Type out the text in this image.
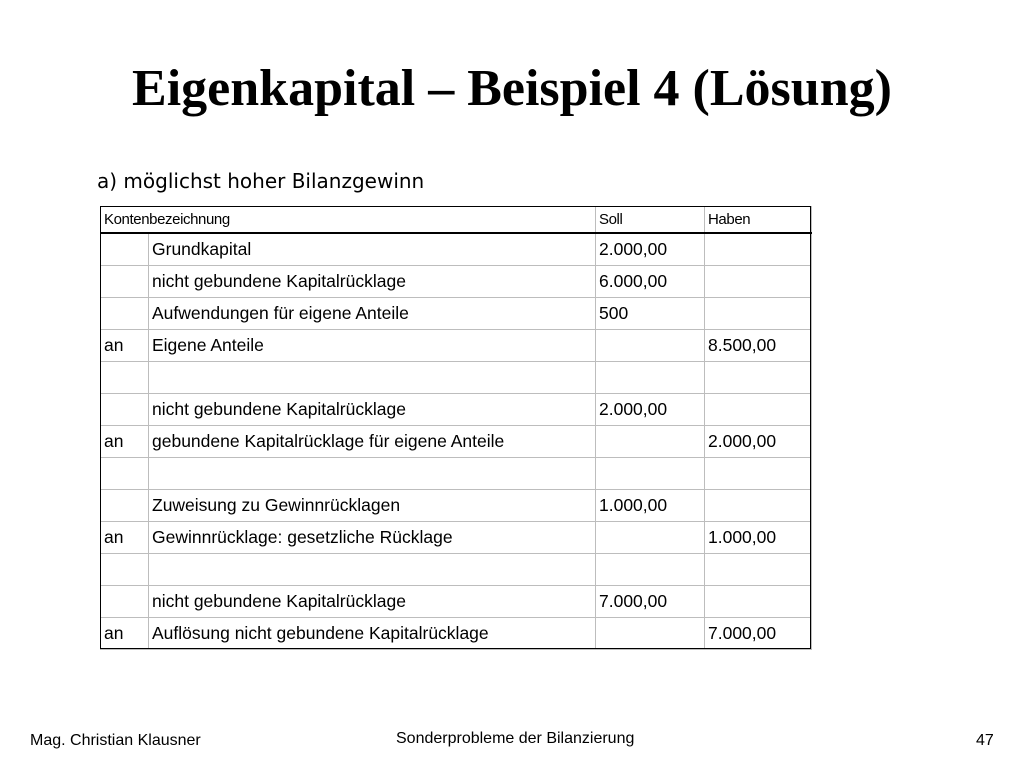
Eigenkapital – Beispiel 4 (Lösung)

a) möglichst hoher Bilanzgewinn

Kontenbezeichnung		Soll	Haben
	Grundkapital	2.000,00	
	nicht gebundene Kapitalrücklage	6.000,00	
	Aufwendungen für eigene Anteile	500	
an	Eigene Anteile		8.500,00

	nicht gebundene Kapitalrücklage	2.000,00	
an	gebundene Kapitalrücklage für eigene Anteile		2.000,00

	Zuweisung zu Gewinnrücklagen	1.000,00	
an	Gewinnrücklage: gesetzliche Rücklage		1.000,00

	nicht gebundene Kapitalrücklage	7.000,00	
an	Auflösung nicht gebundene Kapitalrücklage		7.000,00
Mag. Christian Klausner	Sonderprobleme der Bilanzierung	47
